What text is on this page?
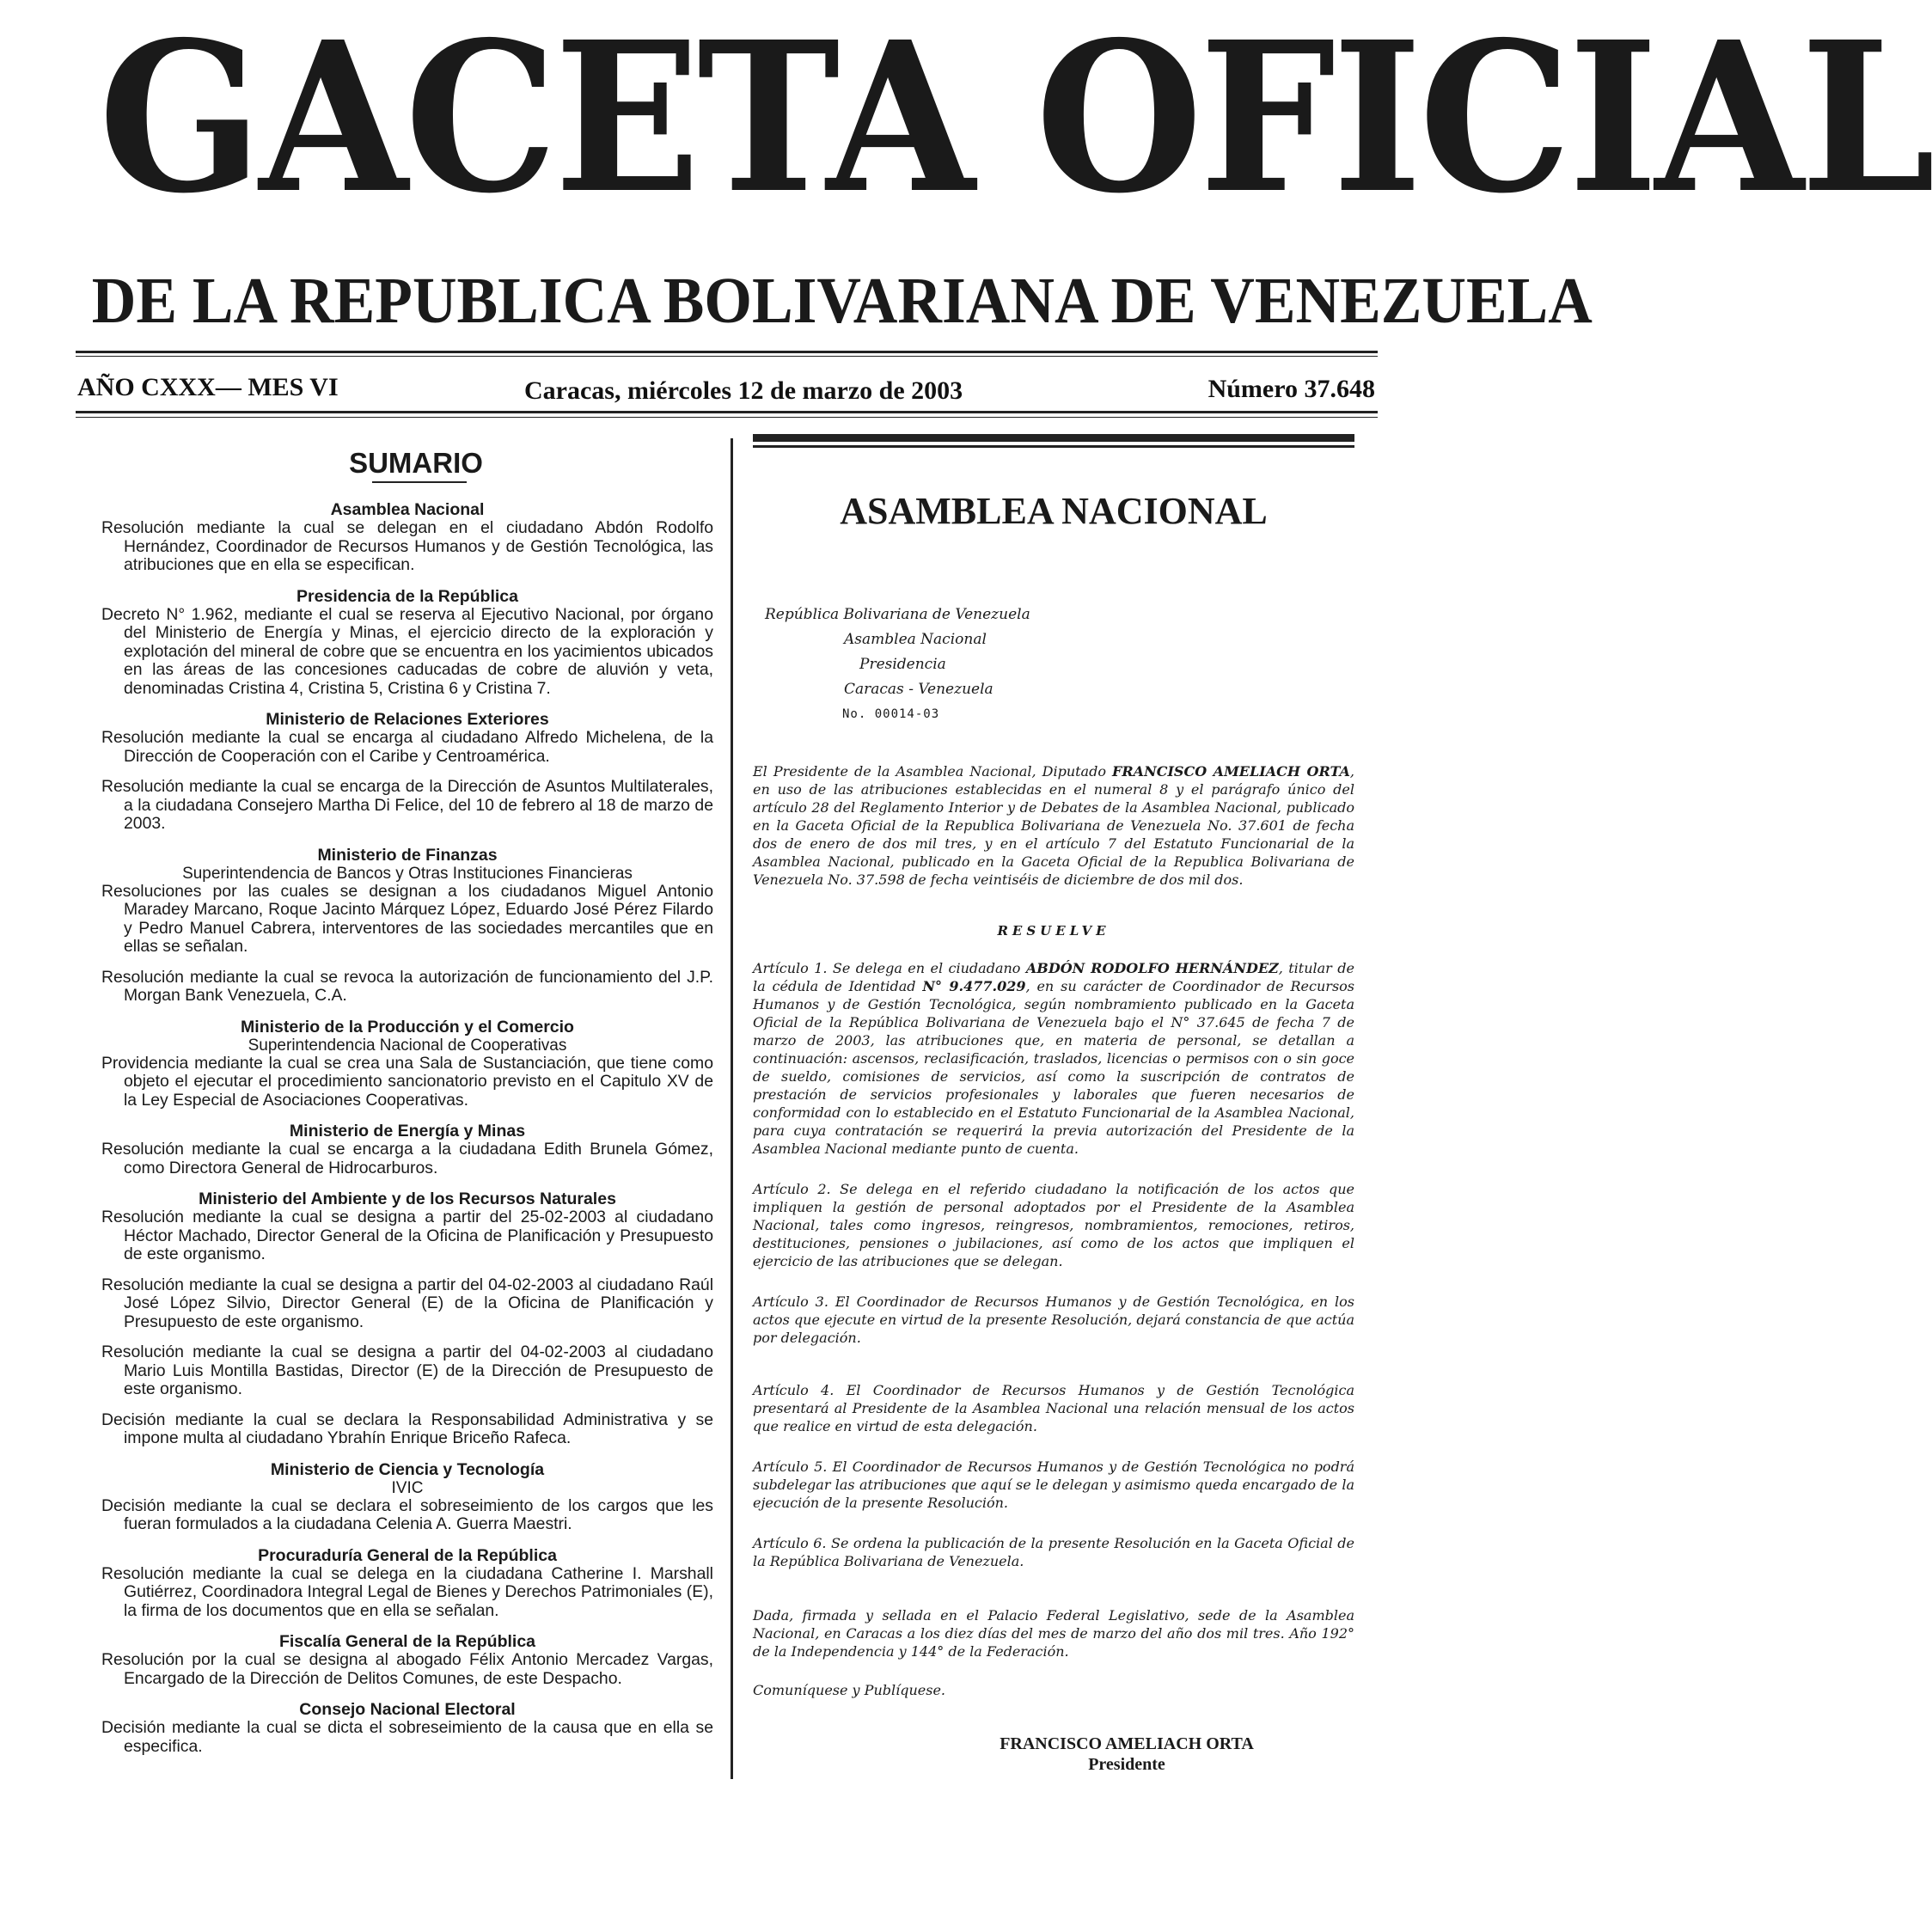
GACETA OFICIAL
DE LA REPUBLICA BOLIVARIANA DE VENEZUELA
AÑO CXXX— MES VI	Caracas, miércoles 12 de marzo de 2003	Número 37.648
SUMARIO
Asamblea Nacional

Resolución mediante la cual se delegan en el ciudadano Abdón Rodolfo Hernández, Coordinador de Recursos Humanos y de Gestión Tecnológica, las atribuciones que en ella se especifican.

Presidencia de la República

Decreto N° 1.962, mediante el cual se reserva al Ejecutivo Nacional, por órgano del Ministerio de Energía y Minas, el ejercicio directo de la exploración y explotación del mineral de cobre que se encuentra en los yacimientos ubicados en las áreas de las concesiones caducadas de cobre de aluvión y veta, denominadas Cristina 4, Cristina 5, Cristina 6 y Cristina 7.

Ministerio de Relaciones Exteriores

Resolución mediante la cual se encarga al ciudadano Alfredo Michelena, de la Dirección de Cooperación con el Caribe y Centroamérica.

Resolución mediante la cual se encarga de la Dirección de Asuntos Multilaterales, a la ciudadana Consejero Martha Di Felice, del 10 de febrero al 18 de marzo de 2003.

Ministerio de Finanzas
Superintendencia de Bancos y Otras Instituciones Financieras

Resoluciones por las cuales se designan a los ciudadanos Miguel Antonio Maradey Marcano, Roque Jacinto Márquez López, Eduardo José Pérez Filardo y Pedro Manuel Cabrera, interventores de las sociedades mercantiles que en ellas se señalan.

Resolución mediante la cual se revoca la autorización de funcionamiento del J.P. Morgan Bank Venezuela, C.A.

Ministerio de la Producción y el Comercio
Superintendencia Nacional de Cooperativas

Providencia mediante la cual se crea una Sala de Sustanciación, que tiene como objeto el ejecutar el procedimiento sancionatorio previsto en el Capitulo XV de la Ley Especial de Asociaciones Cooperativas.

Ministerio de Energía y Minas

Resolución mediante la cual se encarga a la ciudadana Edith Brunela Gómez, como Directora General de Hidrocarburos.

Ministerio del Ambiente y de los Recursos Naturales

Resolución mediante la cual se designa a partir del 25-02-2003 al ciudadano Héctor Machado, Director General de la Oficina de Planificación y Presupuesto de este organismo.

Resolución mediante la cual se designa a partir del 04-02-2003 al ciudadano Raúl José López Silvio, Director General (E) de la Oficina de Planificación y Presupuesto de este organismo.

Resolución mediante la cual se designa a partir del 04-02-2003 al ciudadano Mario Luis Montilla Bastidas, Director (E) de la Dirección de Presupuesto de este organismo.

Decisión mediante la cual se declara la Responsabilidad Administrativa y se impone multa al ciudadano Ybrahín Enrique Briceño Rafeca.

Ministerio de Ciencia y Tecnología
IVIC

Decisión mediante la cual se declara el sobreseimiento de los cargos que les fueran formulados a la ciudadana Celenia A. Guerra Maestri.

Procuraduría General de la República

Resolución mediante la cual se delega en la ciudadana Catherine I. Marshall Gutiérrez, Coordinadora Integral Legal de Bienes y Derechos Patrimoniales (E), la firma de los documentos que en ella se señalan.

Fiscalía General de la República

Resolución por la cual se designa al abogado Félix Antonio Mercadez Vargas, Encargado de la Dirección de Delitos Comunes, de este Despacho.

Consejo Nacional Electoral

Decisión mediante la cual se dicta el sobreseimiento de la causa que en ella se especifica.

ASAMBLEA NACIONAL
República Bolivariana de Venezuela
Asamblea Nacional
Presidencia
Caracas - Venezuela
No. 00014-03

El Presidente de la Asamblea Nacional, Diputado FRANCISCO AMELIACH ORTA, en uso de las atribuciones establecidas en el numeral 8 y el parágrafo único del artículo 28 del Reglamento Interior y de Debates de la Asamblea Nacional, publicado en la Gaceta Oficial de la Republica Bolivariana de Venezuela No. 37.601 de fecha dos de enero de dos mil tres, y en el artículo 7 del Estatuto Funcionarial de la Asamblea Nacional, publicado en la Gaceta Oficial de la Republica Bolivariana de Venezuela No. 37.598 de fecha veintiséis de diciembre de dos mil dos.

RESUELVE

Artículo 1. Se delega en el ciudadano ABDÓN RODOLFO HERNÁNDEZ, titular de la cédula de Identidad N° 9.477.029, en su carácter de Coordinador de Recursos Humanos y de Gestión Tecnológica, según nombramiento publicado en la Gaceta Oficial de la República Bolivariana de Venezuela bajo el N° 37.645 de fecha 7 de marzo de 2003, las atribuciones que, en materia de personal, se detallan a continuación: ascensos, reclasificación, traslados, licencias o permisos con o sin goce de sueldo, comisiones de servicios, así como la suscripción de contratos de prestación de servicios profesionales y laborales que fueren necesarios de conformidad con lo establecido en el Estatuto Funcionarial de la Asamblea Nacional, para cuya contratación se requerirá la previa autorización del Presidente de la Asamblea Nacional mediante punto de cuenta.

Artículo 2. Se delega en el referido ciudadano la notificación de los actos que impliquen la gestión de personal adoptados por el Presidente de la Asamblea Nacional, tales como ingresos, reingresos, nombramientos, remociones, retiros, destituciones, pensiones o jubilaciones, así como de los actos que impliquen el ejercicio de las atribuciones que se delegan.

Artículo 3. El Coordinador de Recursos Humanos y de Gestión Tecnológica, en los actos que ejecute en virtud de la presente Resolución, dejará constancia de que actúa por delegación.

Artículo 4. El Coordinador de Recursos Humanos y de Gestión Tecnológica presentará al Presidente de la Asamblea Nacional una relación mensual de los actos que realice en virtud de esta delegación.

Artículo 5. El Coordinador de Recursos Humanos y de Gestión Tecnológica no podrá subdelegar las atribuciones que aquí se le delegan y asimismo queda encargado de la ejecución de la presente Resolución.

Artículo 6. Se ordena la publicación de la presente Resolución en la Gaceta Oficial de la República Bolivariana de Venezuela.

Dada, firmada y sellada en el Palacio Federal Legislativo, sede de la Asamblea Nacional, en Caracas a los diez días del mes de marzo del año dos mil tres. Año 192° de la Independencia y 144° de la Federación.

Comuníquese y Publíquese.

FRANCISCO AMELIACH ORTA
Presidente
